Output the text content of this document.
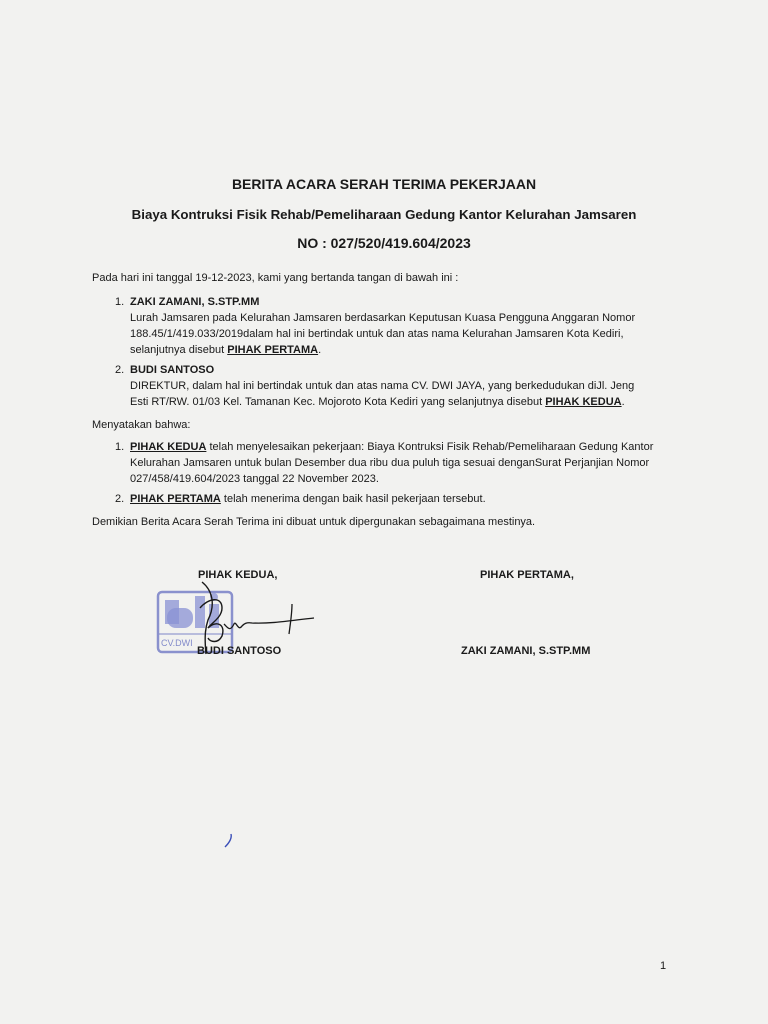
BERITA ACARA SERAH TERIMA PEKERJAAN
Biaya Kontruksi Fisik Rehab/Pemeliharaan Gedung Kantor Kelurahan Jamsaren
NO : 027/520/419.604/2023
Pada hari ini tanggal 19-12-2023, kami yang bertanda tangan di bawah ini :
1. ZAKI ZAMANI, S.STP.MM
Lurah Jamsaren pada Kelurahan Jamsaren berdasarkan Keputusan Kuasa Pengguna Anggaran Nomor
188.45/1/419.033/2019dalam hal ini bertindak untuk dan atas nama Kelurahan Jamsaren Kota Kediri,
selanjutnya disebut PIHAK PERTAMA.
2. BUDI SANTOSO
DIREKTUR, dalam hal ini bertindak untuk dan atas nama CV. DWI JAYA, yang berkedudukan diJl. Jeng
Esti RT/RW. 01/03 Kel. Tamanan Kec. Mojoroto Kota Kediri yang selanjutnya disebut PIHAK KEDUA.
Menyatakan bahwa:
1. PIHAK KEDUA telah menyelesaikan pekerjaan: Biaya Kontruksi Fisik Rehab/Pemeliharaan Gedung Kantor
Kelurahan Jamsaren untuk bulan Desember dua ribu dua puluh tiga sesuai denganSurat Perjanjian Nomor
027/458/419.604/2023 tanggal 22 November 2023.
2. PIHAK PERTAMA telah menerima dengan baik hasil pekerjaan tersebut.
Demikian Berita Acara Serah Terima ini dibuat untuk dipergunakan sebagaimana mestinya.
PIHAK KEDUA,	PIHAK PERTAMA,
CV.DWI
BUDI SANTOSO	ZAKI ZAMANI, S.STP.MM
1
